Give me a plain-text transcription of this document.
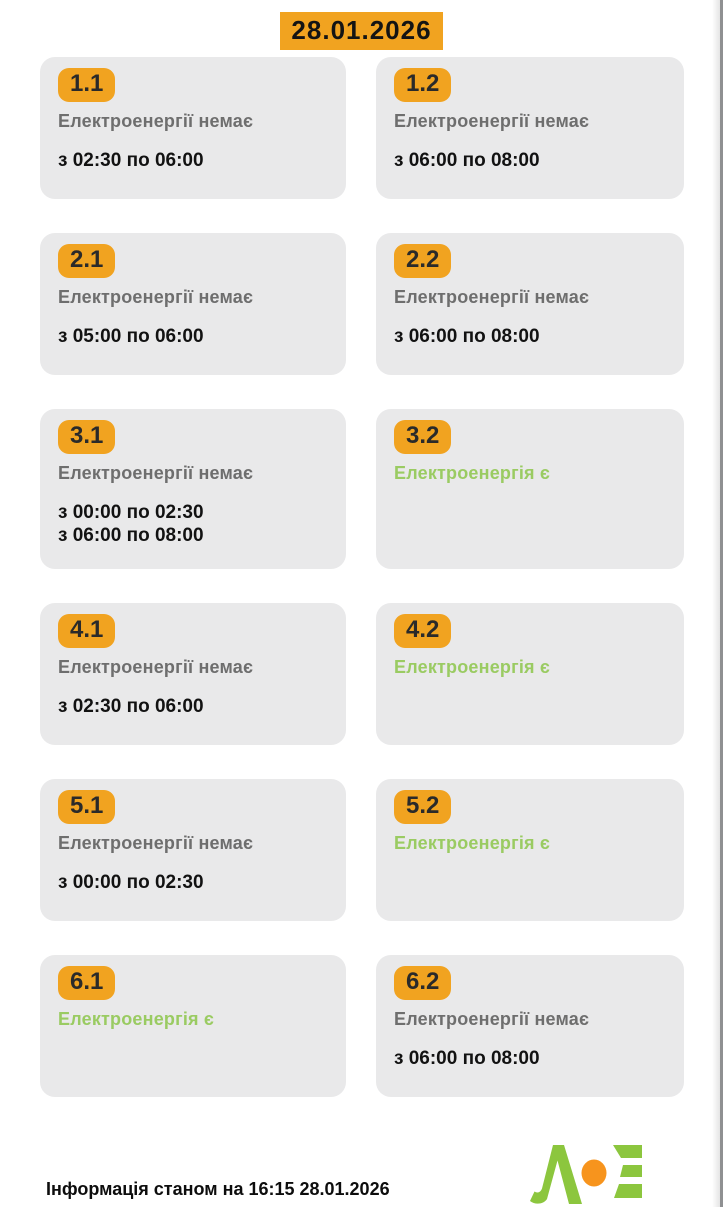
28.01.2026
1.1
Електроенергії немає
з 02:30 по 06:00
1.2
Електроенергії немає
з 06:00 по 08:00
2.1
Електроенергії немає
з 05:00 по 06:00
2.2
Електроенергії немає
з 06:00 по 08:00
3.1
Електроенергії немає
з 00:00 по 02:30
з 06:00 по 08:00
3.2
Електроенергія є
4.1
Електроенергії немає
з 02:30 по 06:00
4.2
Електроенергія є
5.1
Електроенергії немає
з 00:00 по 02:30
5.2
Електроенергія є
6.1
Електроенергія є
6.2
Електроенергії немає
з 06:00 по 08:00
Інформація станом на 16:15 28.01.2026
